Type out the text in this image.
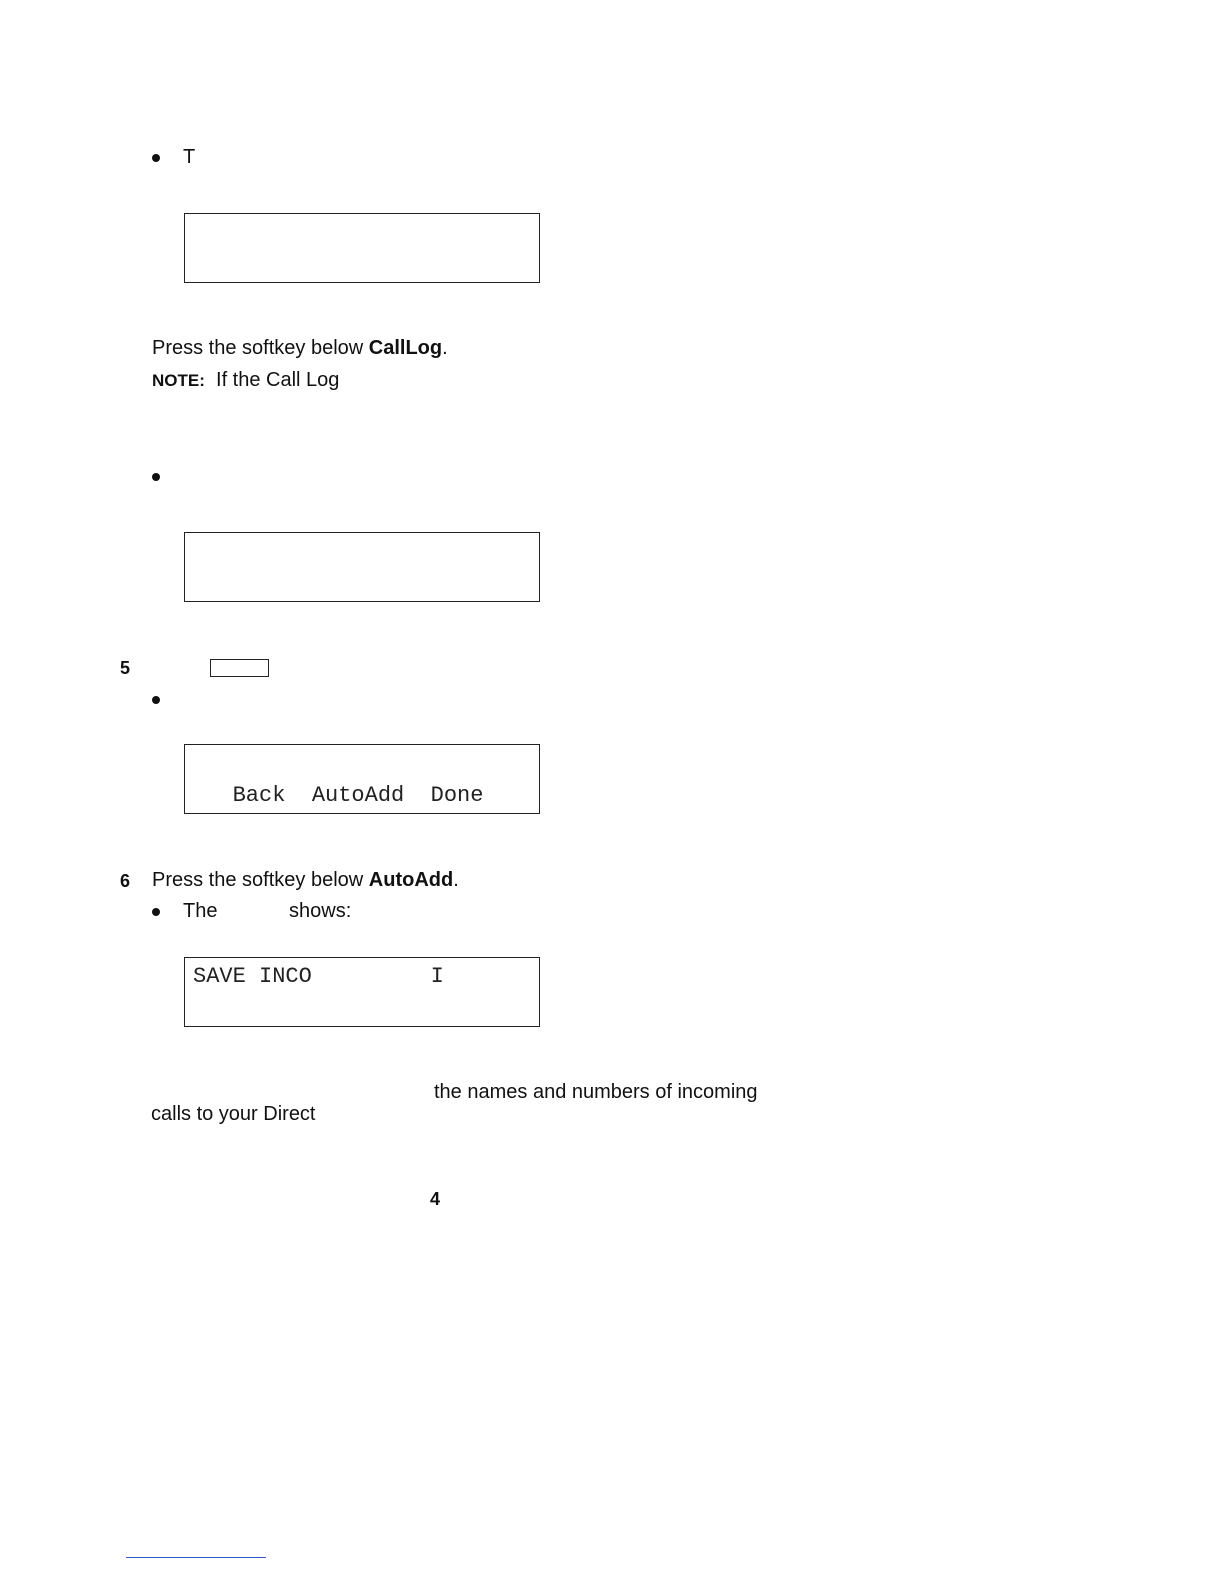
T
Press the softkey below CallLog.
NOTE: If the Call Log
5
Back  AutoAdd  Done
6 Press the softkey below AutoAdd.
The	shows:
SAVE INCO         I
the names and numbers of incoming
calls to your Direct
4
